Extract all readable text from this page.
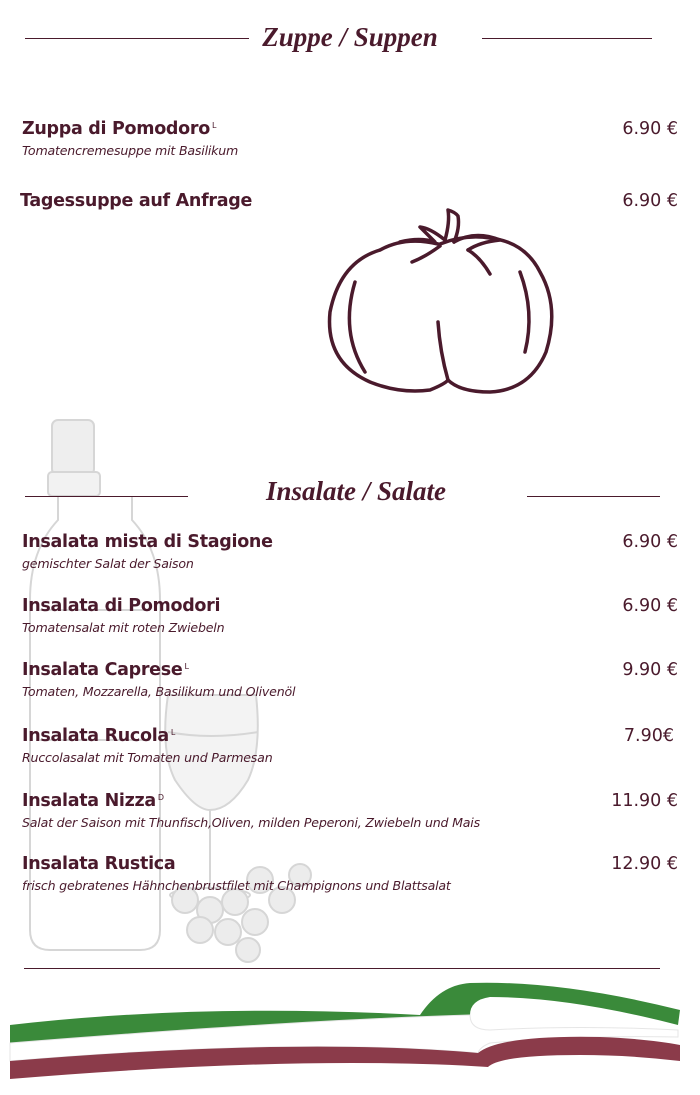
Zuppe / Suppen
Zuppa di Pomodoro $^L$
Tomatencremesuppe mit Basilikum
6.90 €
Tagessuppe auf Anfrage	6.90 €
Insalate / Salate
Insalata mista di Stagione
gemischter Salat der Saison
6.90 €
Insalata di Pomodori
Tomatensalat mit roten Zwiebeln
6.90 €
Insalata Caprese $^L$
Tomaten, Mozzarella, Basilikum und Olivenöl
9.90 €
Insalata Rucola $^L$
Ruccolasalat mit Tomaten und Parmesan
7.90€
Insalata Nizza $^D$
Salat der Saison mit Thunfisch,Oliven, milden Peperoni, Zwiebeln und Mais
11.90 €
Insalata Rustica
frisch gebratenes Hähnchenbrustfilet mit Champignons und Blattsalat
12.90 €
